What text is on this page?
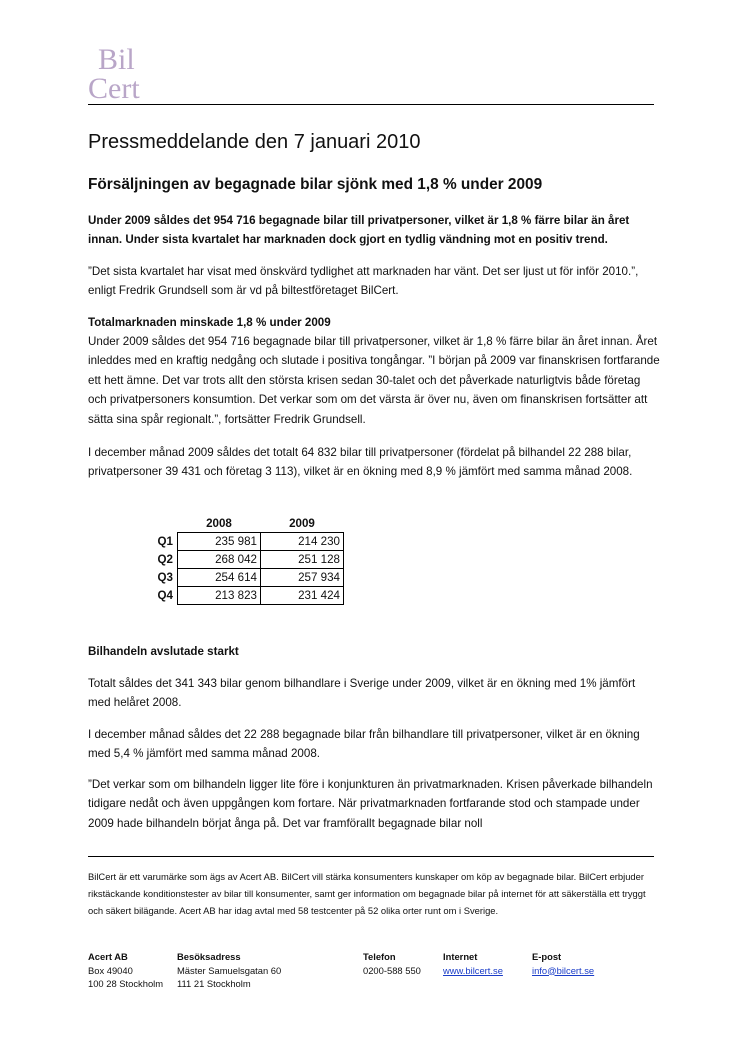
Bil
Cert
Pressmeddelande den 7 januari 2010
Försäljningen av begagnade bilar sjönk med 1,8 % under 2009

Under 2009 såldes det 954 716 begagnade bilar till privatpersoner, vilket är 1,8 % färre bilar än året innan. Under sista kvartalet har marknaden dock gjort en tydlig vändning mot en positiv trend.

”Det sista kvartalet har visat med önskvärd tydlighet att marknaden har vänt. Det ser ljust ut för inför 2010.”, enligt Fredrik Grundsell som är vd på biltestföretaget BilCert.

Totalmarknaden minskade 1,8 % under 2009

Under 2009 såldes det 954 716 begagnade bilar till privatpersoner, vilket är 1,8 % färre bilar än året innan. Året inleddes med en kraftig nedgång och slutade i positiva tongångar. ”I början på 2009 var finanskrisen fortfarande ett hett ämne. Det var trots allt den största krisen sedan 30-talet och det påverkade naturligtvis både företag och privatpersoners konsumtion. Det verkar som om det värsta är över nu, även om finanskrisen fortsätter att sätta sina spår regionalt.”, fortsätter Fredrik Grundsell.

I december månad 2009 såldes det totalt 64 832 bilar till privatpersoner (fördelat på bilhandel 22 288 bilar, privatpersoner 39 431 och företag 3 113), vilket är en ökning med 8,9 % jämfört med samma månad 2008.

	2008	2009
Q1	235 981	214 230
Q2	268 042	251 128
Q3	254 614	257 934
Q4	213 823	231 424

Bilhandeln avslutade starkt

Totalt såldes det 341 343 bilar genom bilhandlare i Sverige under 2009, vilket är en ökning med 1% jämfört med helåret 2008.

I december månad såldes det 22 288 begagnade bilar från bilhandlare till privatpersoner, vilket är en ökning med 5,4 % jämfört med samma månad 2008.

”Det verkar som om bilhandeln ligger lite före i konjunkturen än privatmarknaden. Krisen påverkade bilhandeln tidigare nedåt och även uppgången kom fortare. När privatmarknaden fortfarande stod och stampade under 2009 hade bilhandeln börjat ånga på. Det var framförallt begagnade bilar noll

BilCert är ett varumärke som ägs av Acert AB. BilCert vill stärka konsumenters kunskaper om köp av begagnade bilar. BilCert erbjuder rikstäckande konditionstester av bilar till konsumenter, samt ger information om begagnade bilar på internet för att säkerställa ett tryggt och säkert bilägande. Acert AB har idag avtal med 58 testcenter på 52 olika orter runt om i Sverige.

Acert AB
Box 49040
100 28 Stockholm
Besöksadress
Mäster Samuelsgatan 60
111 21 Stockholm
Telefon
0200-588 550
Internet
www.bilcert.se
E-post
info@bilcert.se
